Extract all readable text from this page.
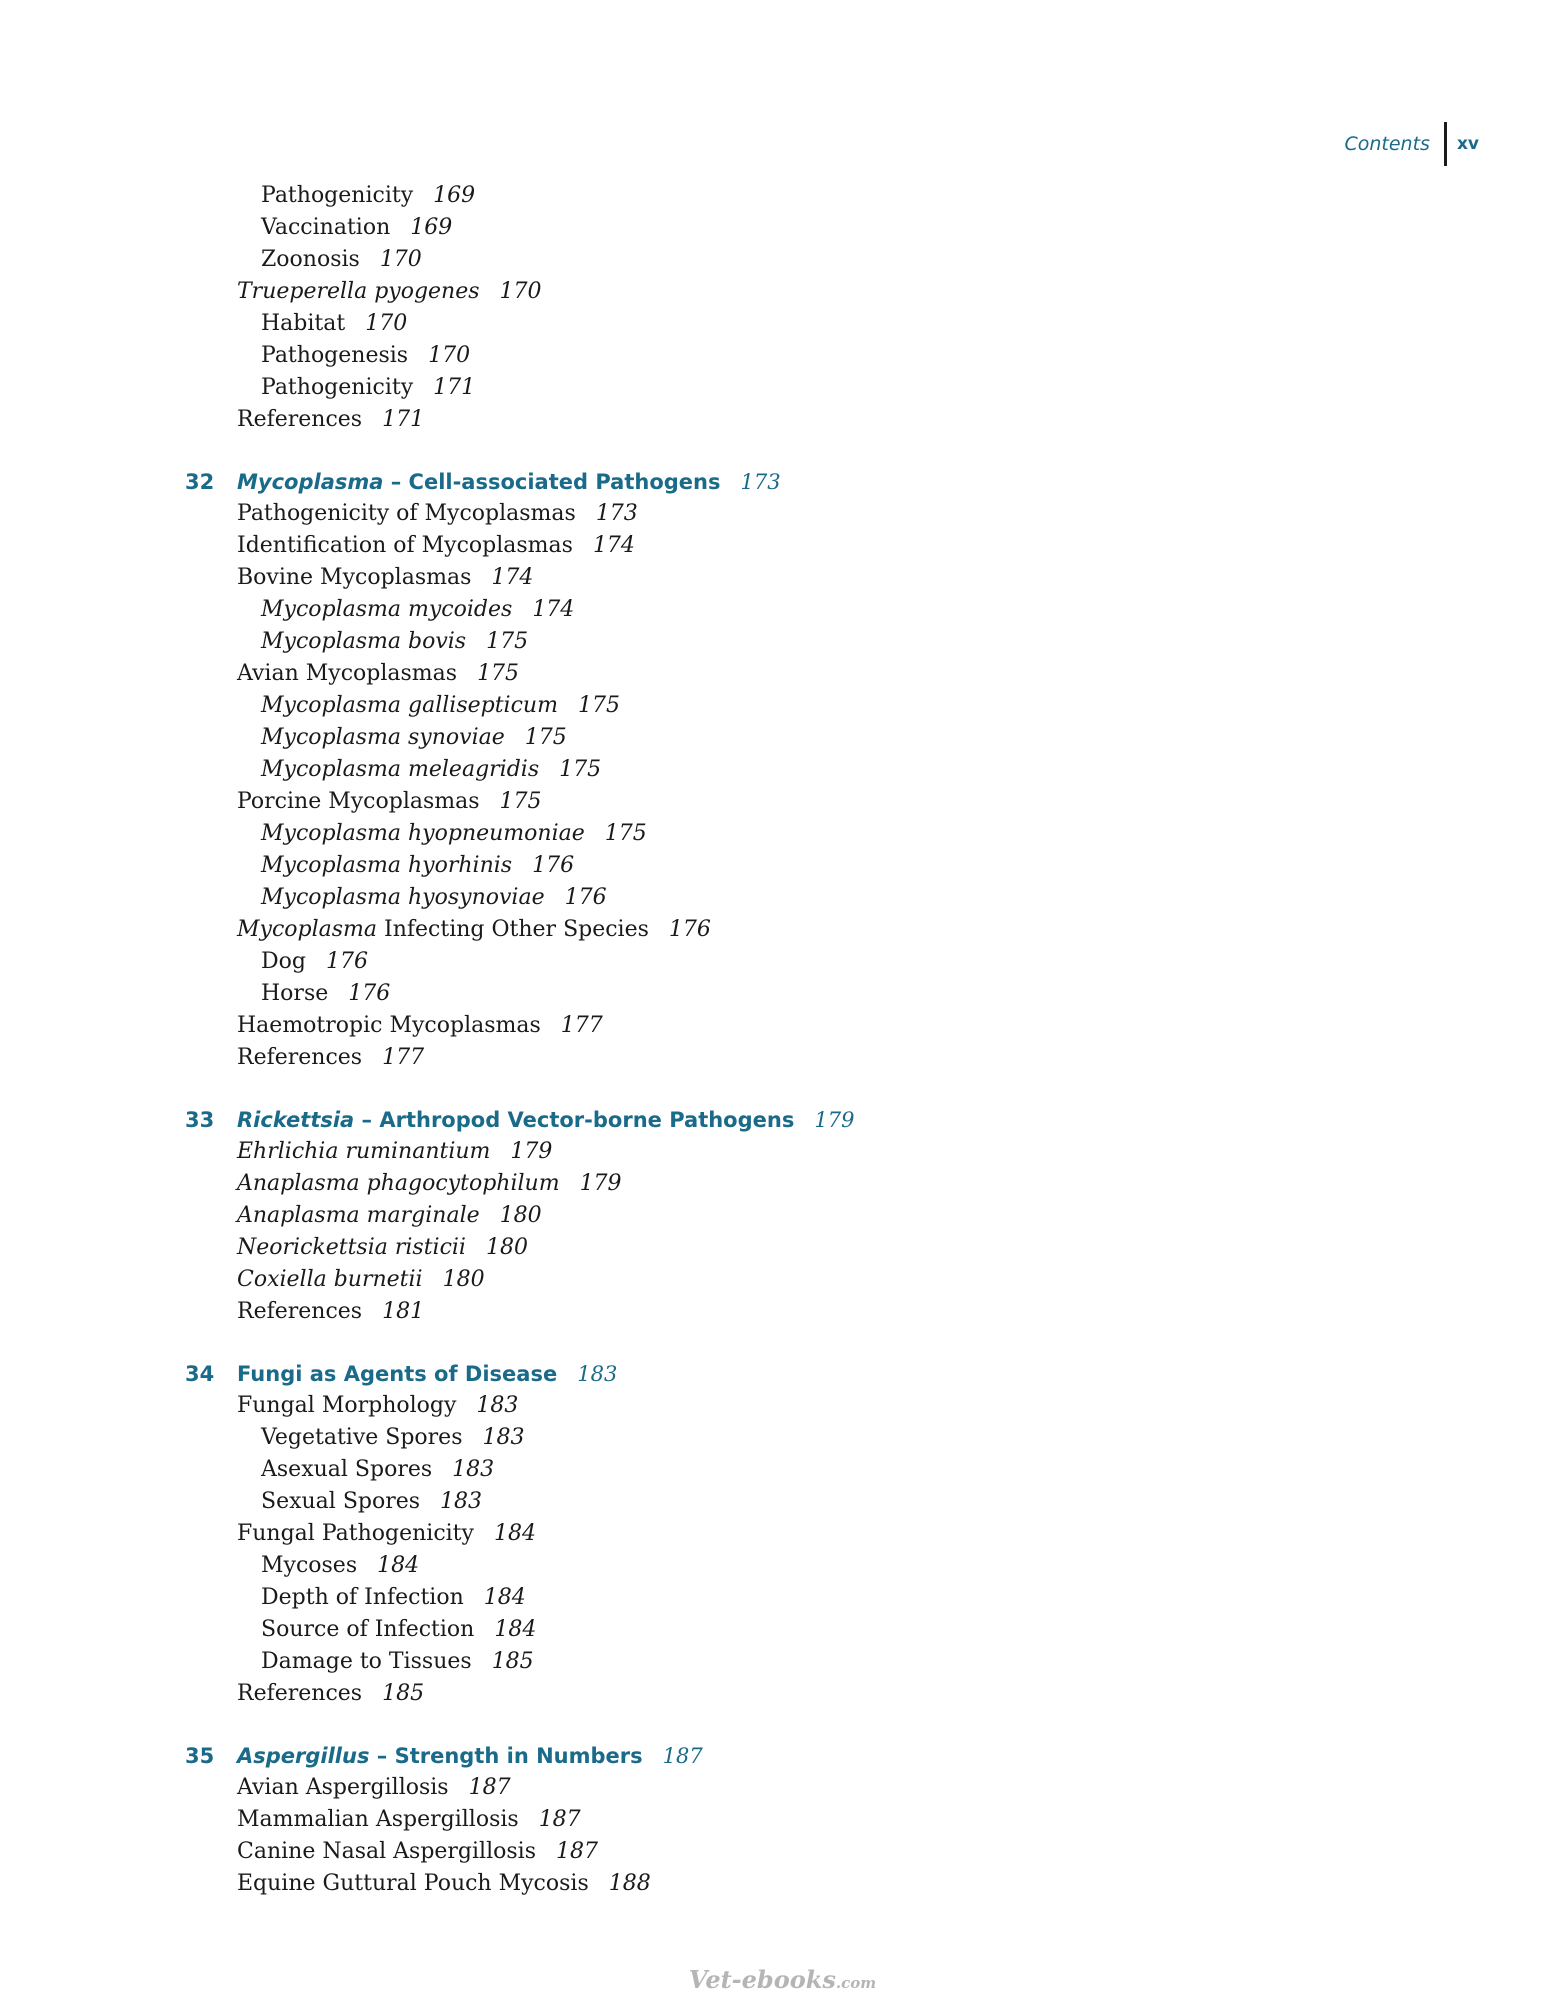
Contents xv
Pathogenicity 169
Vaccination 169
Zoonosis 170
Trueperella pyogenes 170
Habitat 170
Pathogenesis 170
Pathogenicity 171
References 171
32 Mycoplasma – Cell-associated Pathogens 173
Pathogenicity of Mycoplasmas 173
Identification of Mycoplasmas 174
Bovine Mycoplasmas 174
Mycoplasma mycoides 174
Mycoplasma bovis 175
Avian Mycoplasmas 175
Mycoplasma gallisepticum 175
Mycoplasma synoviae 175
Mycoplasma meleagridis 175
Porcine Mycoplasmas 175
Mycoplasma hyopneumoniae 175
Mycoplasma hyorhinis 176
Mycoplasma hyosynoviae 176
Mycoplasma Infecting Other Species 176
Dog 176
Horse 176
Haemotropic Mycoplasmas 177
References 177
33 Rickettsia – Arthropod Vector-borne Pathogens 179
Ehrlichia ruminantium 179
Anaplasma phagocytophilum 179
Anaplasma marginale 180
Neorickettsia risticii 180
Coxiella burnetii 180
References 181
34 Fungi as Agents of Disease 183
Fungal Morphology 183
Vegetative Spores 183
Asexual Spores 183
Sexual Spores 183
Fungal Pathogenicity 184
Mycoses 184
Depth of Infection 184
Source of Infection 184
Damage to Tissues 185
References 185
35 Aspergillus – Strength in Numbers 187
Avian Aspergillosis 187
Mammalian Aspergillosis 187
Canine Nasal Aspergillosis 187
Equine Guttural Pouch Mycosis 188
Vet-ebooks.com
